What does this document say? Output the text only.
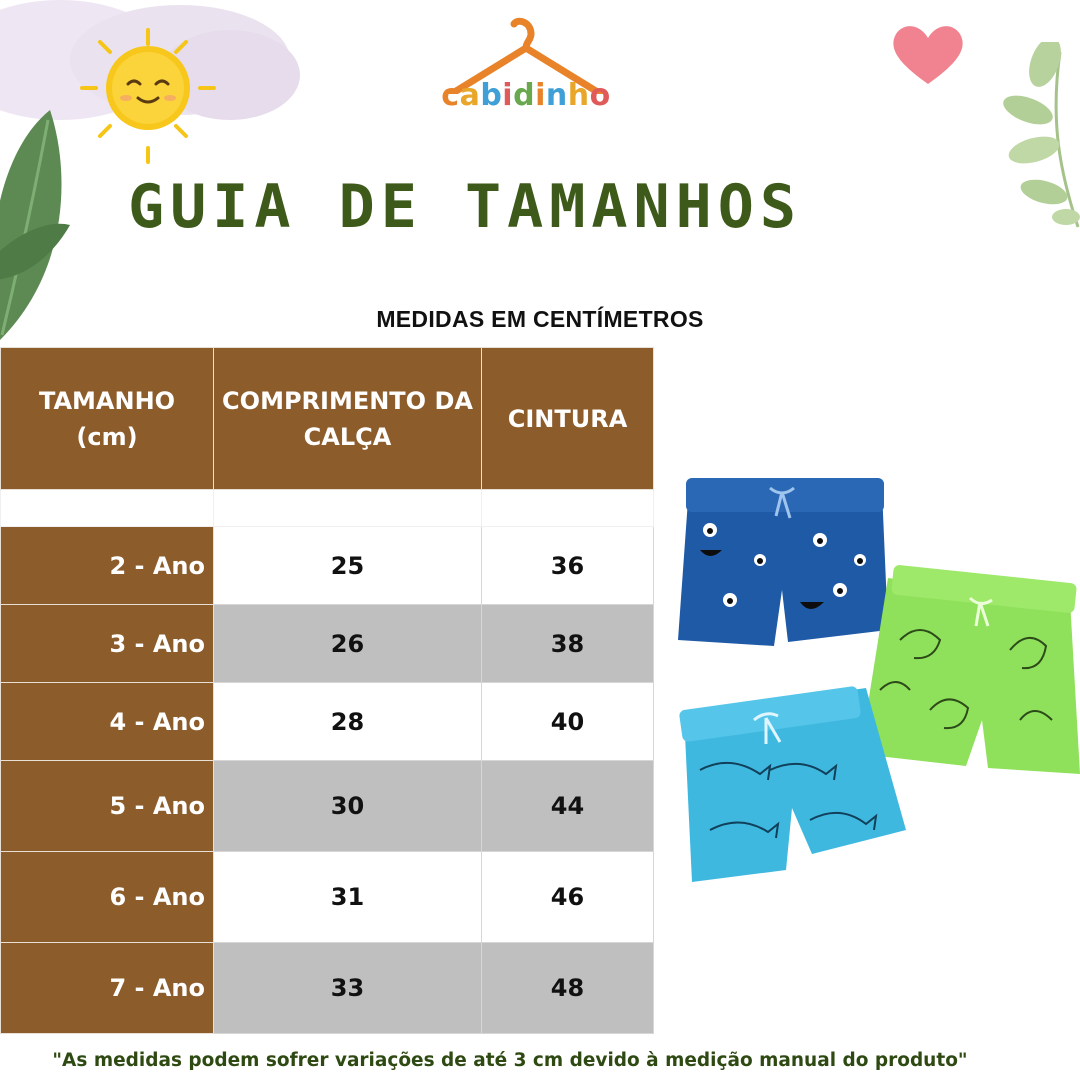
cabidinho
GUIA DE TAMANHOS
MEDIDAS EM CENTÍMETROS
TAMANHO (cm)	COMPRIMENTO DA CALÇA	CINTURA

2 - Ano	25	36
3 - Ano	26	38
4 - Ano	28	40
5 - Ano	30	44
6 - Ano	31	46
7 - Ano	33	48
"As medidas podem sofrer variações de até 3 cm devido à medição manual do produto"
